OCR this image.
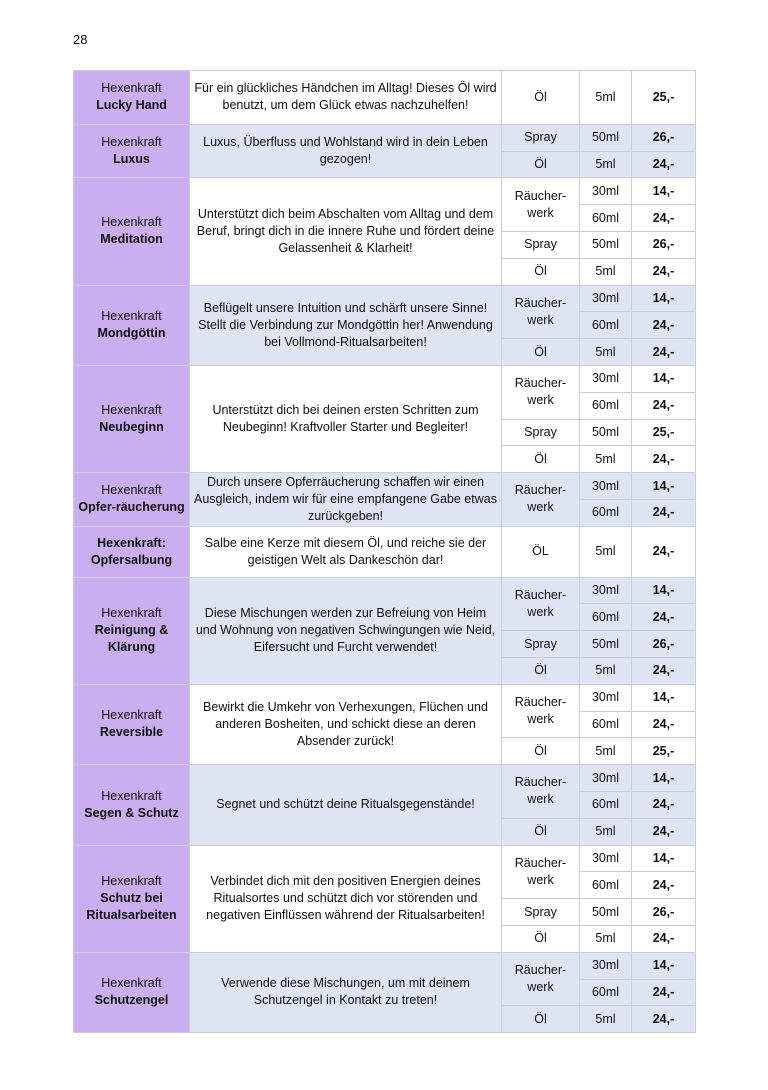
28
Hexenkraft
Lucky Hand	Für ein glückliches Händchen im Alltag! Dieses Öl wird benutzt, um dem Glück etwas nachzuhelfen!	Öl	5ml	25,-

Hexenkraft
Luxus	Luxus, Überfluss und Wohlstand wird in dein Leben gezogen!	Spray	50ml	26,-
		Öl	5ml	24,-

Hexenkraft
Meditation	Unterstützt dich beim Abschalten vom Alltag und dem Beruf, bringt dich in die innere Ruhe und fördert deine Gelassenheit & Klarheit!	Räucher-werk	30ml	14,-
			60ml	24,-
		Spray	50ml	26,-
		Öl	5ml	24,-

Hexenkraft
Mondgöttin	Beflügelt unsere Intuition und schärft unsere Sinne! Stellt die Verbindung zur Mondgöttin her! Anwendung bei Vollmond-Ritualsarbeiten!	Räucher-werk	30ml	14,-
			60ml	24,-
		Öl	5ml	24,-

Hexenkraft
Neubeginn	Unterstützt dich bei deinen ersten Schritten zum Neubeginn! Kraftvoller Starter und Begleiter!	Räucher-werk	30ml	14,-
			60ml	24,-
		Spray	50ml	25,-
		Öl	5ml	24,-

Hexenkraft
Opfer-räucherung	Durch unsere Opferräucherung schaffen wir einen Ausgleich, indem wir für eine empfangene Gabe etwas zurückgeben!	Räucher-werk	30ml	14,-
			60ml	24,-

Hexenkraft: Opfersalbung	Salbe eine Kerze mit diesem Öl, und reiche sie der geistigen Welt als Dankeschön dar!	ÖL	5ml	24,-

Hexenkraft
Reinigung & Klärung	Diese Mischungen werden zur Befreiung von Heim und Wohnung von negativen Schwingungen wie Neid, Eifersucht und Furcht verwendet!	Räucher-werk	30ml	14,-
			60ml	24,-
		Spray	50ml	26,-
		Öl	5ml	24,-

Hexenkraft
Reversible	Bewirkt die Umkehr von Verhexungen, Flüchen und anderen Bosheiten, und schickt diese an deren Absender zurück!	Räucher-werk	30ml	14,-
			60ml	24,-
		Öl	5ml	25,-

Hexenkraft
Segen & Schutz	Segnet und schützt deine Ritualsgegenstände!	Räucher-werk	30ml	14,-
			60ml	24,-
		Öl	5ml	24,-

Hexenkraft
Schutz bei Ritualsarbeiten	Verbindet dich mit den positiven Energien deines Ritualsortes und schützt dich vor störenden und negativen Einflüssen während der Ritualsarbeiten!	Räucher-werk	30ml	14,-
			60ml	24,-
		Spray	50ml	26,-
		Öl	5ml	24,-

Hexenkraft
Schutzengel	Verwende diese Mischungen, um mit deinem Schutzengel in Kontakt zu treten!	Räucher-werk	30ml	14,-
			60ml	24,-
		Öl	5ml	24,-
